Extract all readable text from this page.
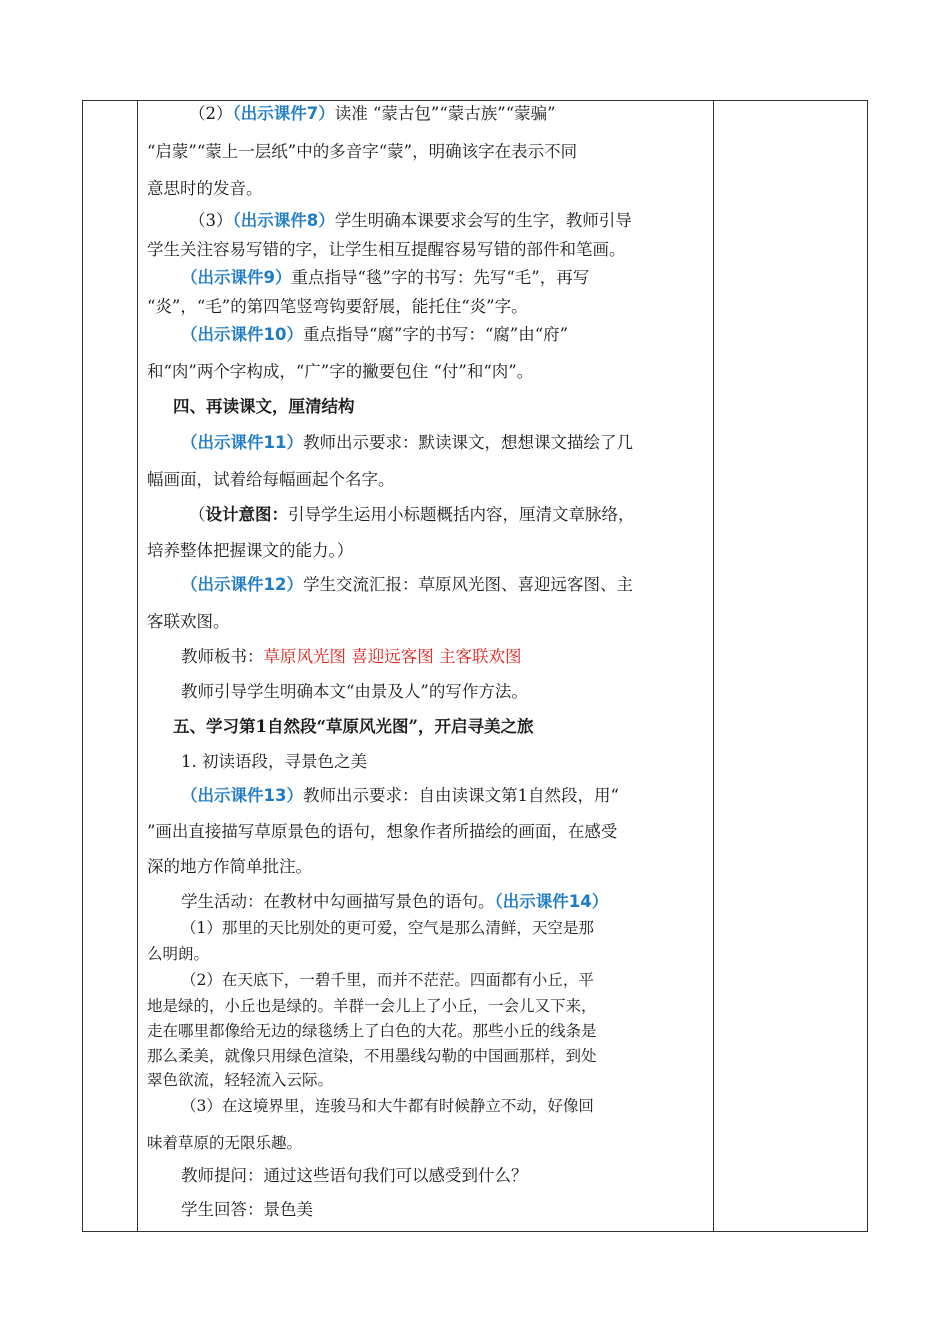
（2）（出示课件7）读准 “蒙古包”“蒙古族”“蒙骗”
“启蒙”“蒙上一层纸”中的多音字“蒙”，明确该字在表示不同
意思时的发音。
（3）（出示课件8）学生明确本课要求会写的生字，教师引导
学生关注容易写错的字，让学生相互提醒容易写错的部件和笔画。
（出示课件9）重点指导“毯”字的书写：先写“毛”，再写
“炎”，“毛”的第四笔竖弯钩要舒展，能托住“炎”字。
（出示课件10）重点指导“腐”字的书写：“腐”由“府”
和“肉”两个字构成，“广”字的撇要包住 “付”和“肉”。
四、再读课文，厘清结构
（出示课件11）教师出示要求：默读课文，想想课文描绘了几
幅画面，试着给每幅画起个名字。
（设计意图：引导学生运用小标题概括内容，厘清文章脉络，
培养整体把握课文的能力。）
（出示课件12）学生交流汇报：草原风光图、喜迎远客图、主
客联欢图。
教师板书：草原风光图 喜迎远客图 主客联欢图
教师引导学生明确本文“由景及人”的写作方法。
五、学习第1自然段“草原风光图”，开启寻美之旅
1. 初读语段，寻景色之美
（出示课件13）教师出示要求：自由读课文第1自然段，用“
”画出直接描写草原景色的语句，想象作者所描绘的画面，在感受
深的地方作简单批注。
学生活动：在教材中勾画描写景色的语句。（出示课件14）
（1）那里的天比别处的更可爱，空气是那么清鲜，天空是那
么明朗。
（2）在天底下，一碧千里，而并不茫茫。四面都有小丘，平
地是绿的，小丘也是绿的。羊群一会儿上了小丘，一会儿又下来，
走在哪里都像给无边的绿毯绣上了白色的大花。那些小丘的线条是
那么柔美，就像只用绿色渲染，不用墨线勾勒的中国画那样，到处
翠色欲流，轻轻流入云际。
（3）在这境界里，连骏马和大牛都有时候静立不动，好像回
味着草原的无限乐趣。
教师提问：通过这些语句我们可以感受到什么？
学生回答：景色美
